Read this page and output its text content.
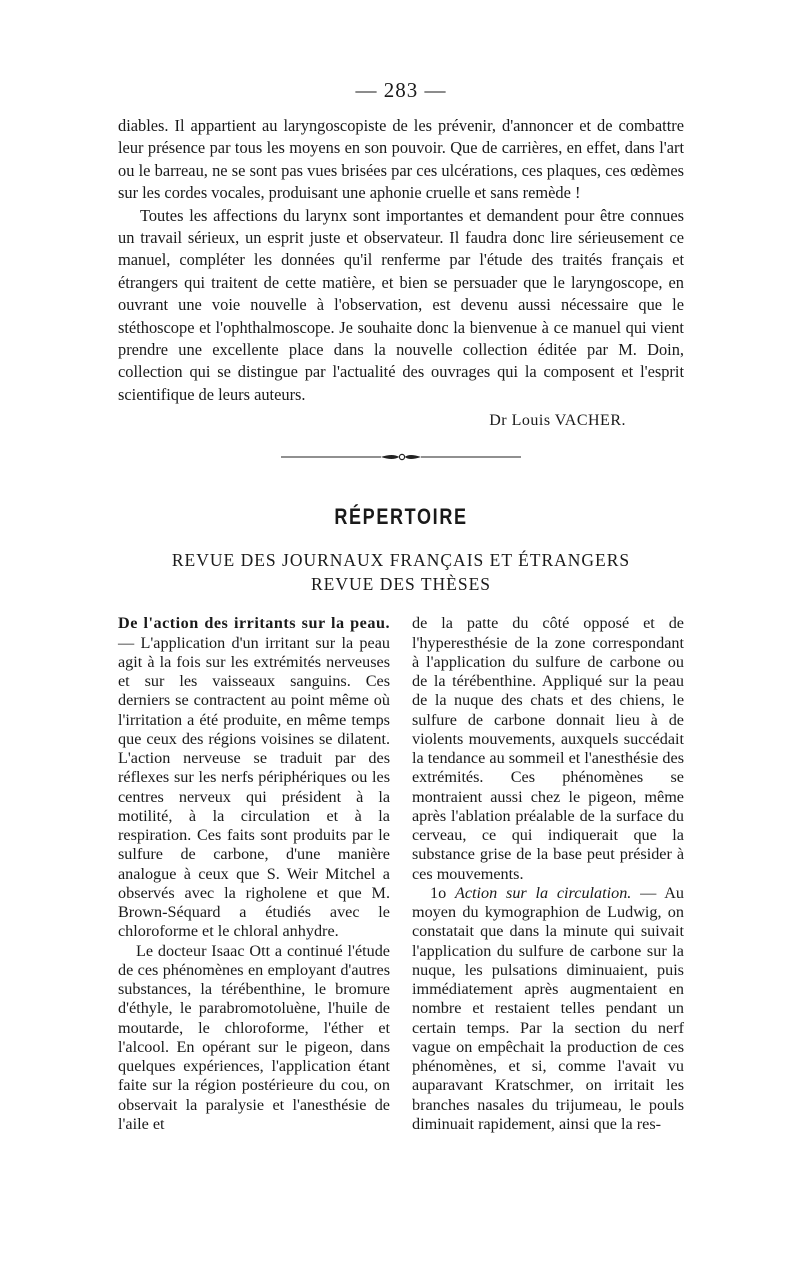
— 283 —

diables. Il appartient au laryngoscopiste de les prévenir, d'annoncer et de combattre leur présence par tous les moyens en son pouvoir. Que de carrières, en effet, dans l'art ou le barreau, ne se sont pas vues brisées par ces ulcérations, ces plaques, ces œdèmes sur les cordes vocales, produisant une aphonie cruelle et sans remède !

Toutes les affections du larynx sont importantes et demandent pour être connues un travail sérieux, un esprit juste et observateur. Il faudra donc lire sérieusement ce manuel, compléter les données qu'il renferme par l'étude des traités français et étrangers qui traitent de cette matière, et bien se persuader que le laryngoscope, en ouvrant une voie nouvelle à l'observation, est devenu aussi nécessaire que le stéthoscope et l'ophthalmoscope. Je souhaite donc la bienvenue à ce manuel qui vient prendre une excellente place dans la nouvelle collection éditée par M. Doin, collection qui se distingue par l'actualité des ouvrages qui la composent et l'esprit scientifique de leurs auteurs.

Dr Louis VACHER.
RÉPERTOIRE
REVUE DES JOURNAUX FRANÇAIS ET ÉTRANGERS
REVUE DES THÈSES

De l'action des irritants sur la peau. — L'application d'un irritant sur la peau agit à la fois sur les extrémités nerveuses et sur les vaisseaux sanguins. Ces derniers se contractent au point même où l'irritation a été produite, en même temps que ceux des régions voisines se dilatent. L'action nerveuse se traduit par des réflexes sur les nerfs périphériques ou les centres nerveux qui président à la motilité, à la circulation et à la respiration. Ces faits sont produits par le sulfure de carbone, d'une manière analogue à ceux que S. Weir Mitchel a observés avec la righolene et que M. Brown-Séquard a étudiés avec le chloroforme et le chloral anhydre.

Le docteur Isaac Ott a continué l'étude de ces phénomènes en employant d'autres substances, la térébenthine, le bromure d'éthyle, le parabromotoluène, l'huile de moutarde, le chloroforme, l'éther et l'alcool. En opérant sur le pigeon, dans quelques expériences, l'application étant faite sur la région postérieure du cou, on observait la paralysie et l'anesthésie de l'aile et

de la patte du côté opposé et de l'hyperesthésie de la zone correspondant à l'application du sulfure de carbone ou de la térébenthine. Appliqué sur la peau de la nuque des chats et des chiens, le sulfure de carbone donnait lieu à de violents mouvements, auxquels succédait la tendance au sommeil et l'anesthésie des extrémités. Ces phénomènes se montraient aussi chez le pigeon, même après l'ablation préalable de la surface du cerveau, ce qui indiquerait que la substance grise de la base peut présider à ces mouvements.

1o Action sur la circulation. — Au moyen du kymographion de Ludwig, on constatait que dans la minute qui suivait l'application du sulfure de carbone sur la nuque, les pulsations diminuaient, puis immédiatement après augmentaient en nombre et restaient telles pendant un certain temps. Par la section du nerf vague on empêchait la production de ces phénomènes, et si, comme l'avait vu auparavant Kratschmer, on irritait les branches nasales du trijumeau, le pouls diminuait rapidement, ainsi que la res-
